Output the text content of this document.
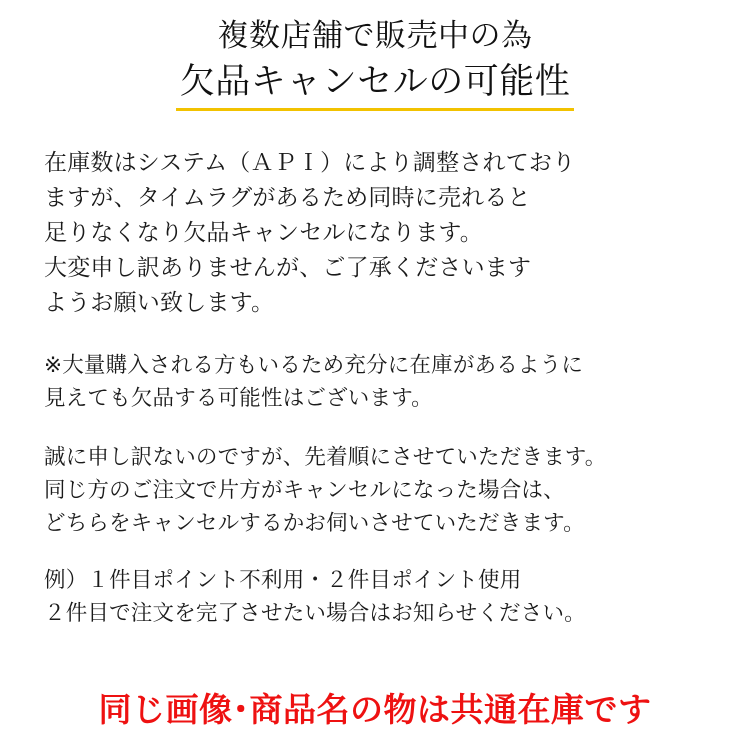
複数店舗で販売中の為
欠品キャンセルの可能性

在庫数はシステム（ＡＰＩ）により調整されており
ますが、タイムラグがあるため同時に売れると
足りなくなり欠品キャンセルになります。
大変申し訳ありませんが、ご了承くださいます
ようお願い致します。

※大量購入される方もいるため充分に在庫があるように
見えても欠品する可能性はございます。

誠に申し訳ないのですが、先着順にさせていただきます。
同じ方のご注文で片方がキャンセルになった場合は、
どちらをキャンセルするかお伺いさせていただきます。

例）１件目ポイント不利用・２件目ポイント使用
２件目で注文を完了させたい場合はお知らせください。

同じ画像･商品名の物は共通在庫です
